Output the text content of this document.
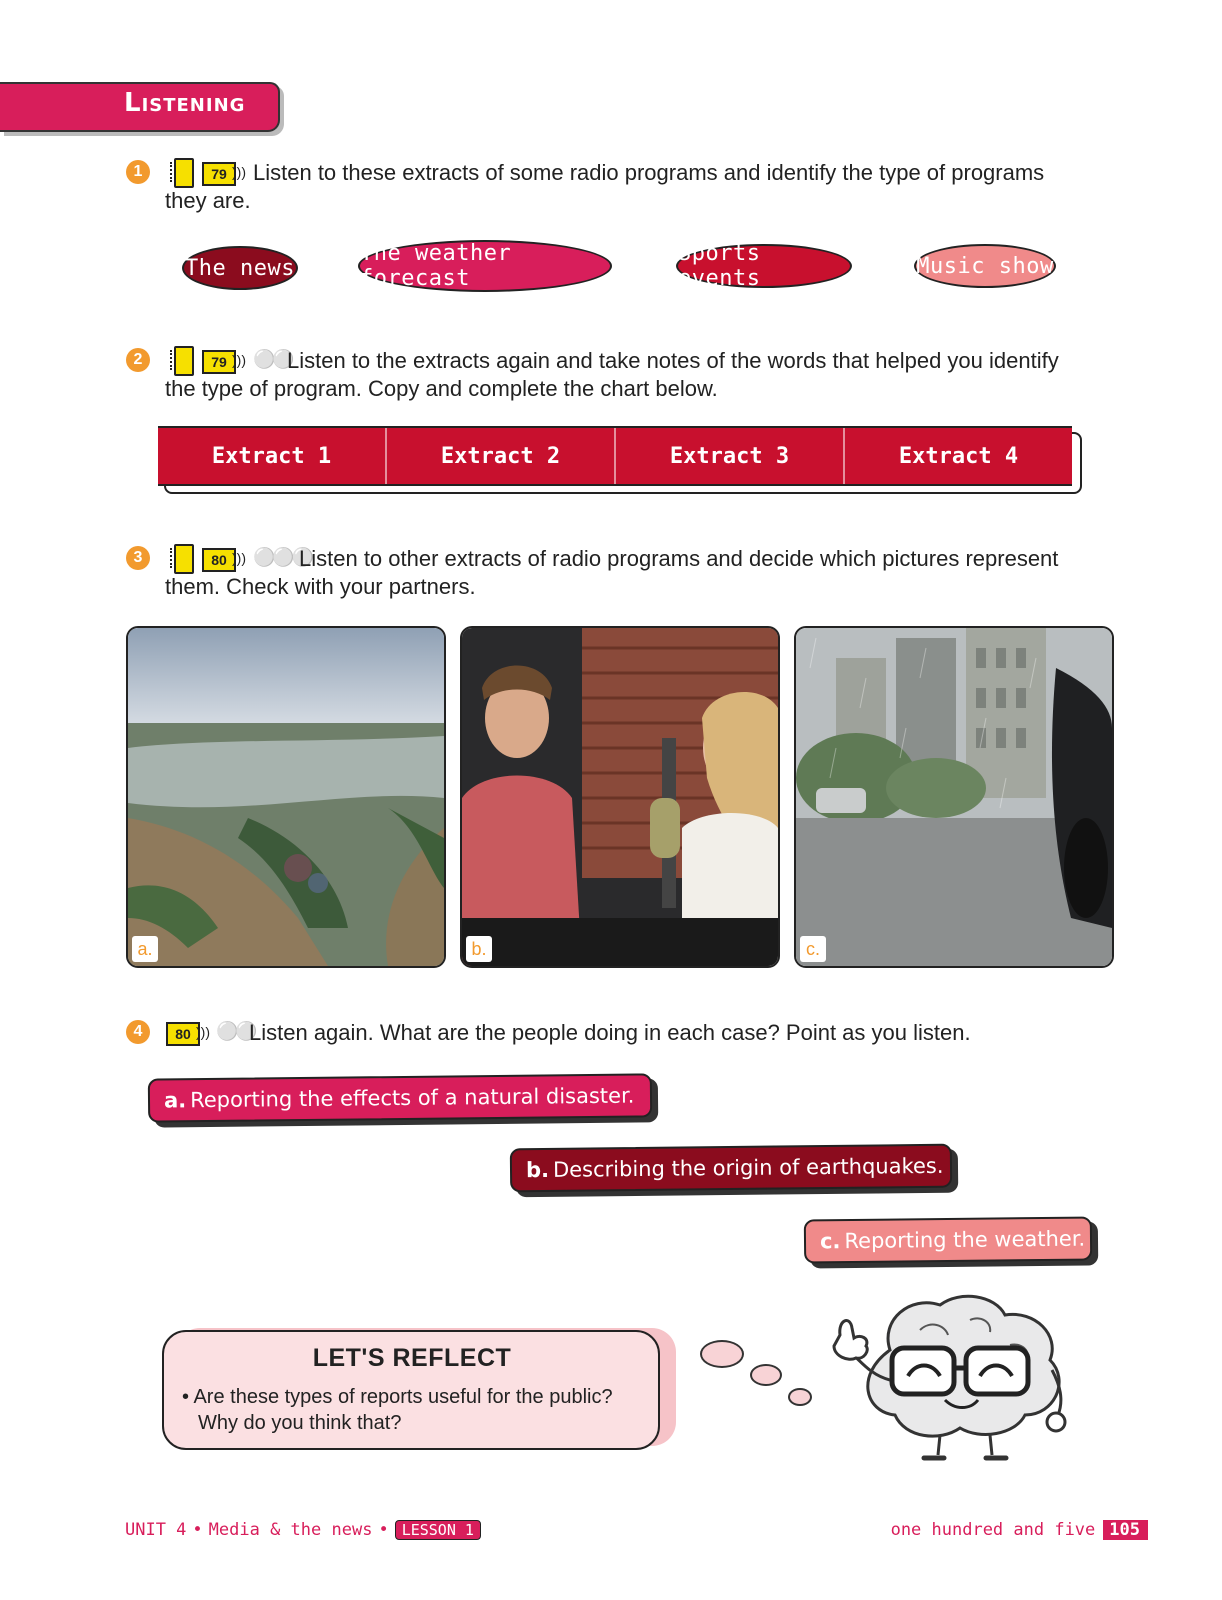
Listening
1	79 ))) Listen to these extracts of some radio programs and identify the type of programs they are.
The news
The weather forecast
Sports events	Music show
2	79 ))) ⚪⚪
Listen to the extracts again and take notes of the words that helped you identify the type of program. Copy and complete the chart below.
Extract 1	Extract 2	Extract 3	Extract 4
3	80 ))) ⚪⚪⚪
Listen to other extracts of radio programs and decide which pictures represent them. Check with your partners.
a.	b.	c.
4	80 ))) ⚪⚪
Listen again. What are the people doing in each case? Point as you listen.
a. Reporting the effects of a natural disaster.
b. Describing the origin of earthquakes.
c. Reporting the weather.
LET'S REFLECT
• Are these types of reports useful for the public?
Why do you think that?
UNIT 4 • Media & the news • LESSON 1	one hundred and five 105
